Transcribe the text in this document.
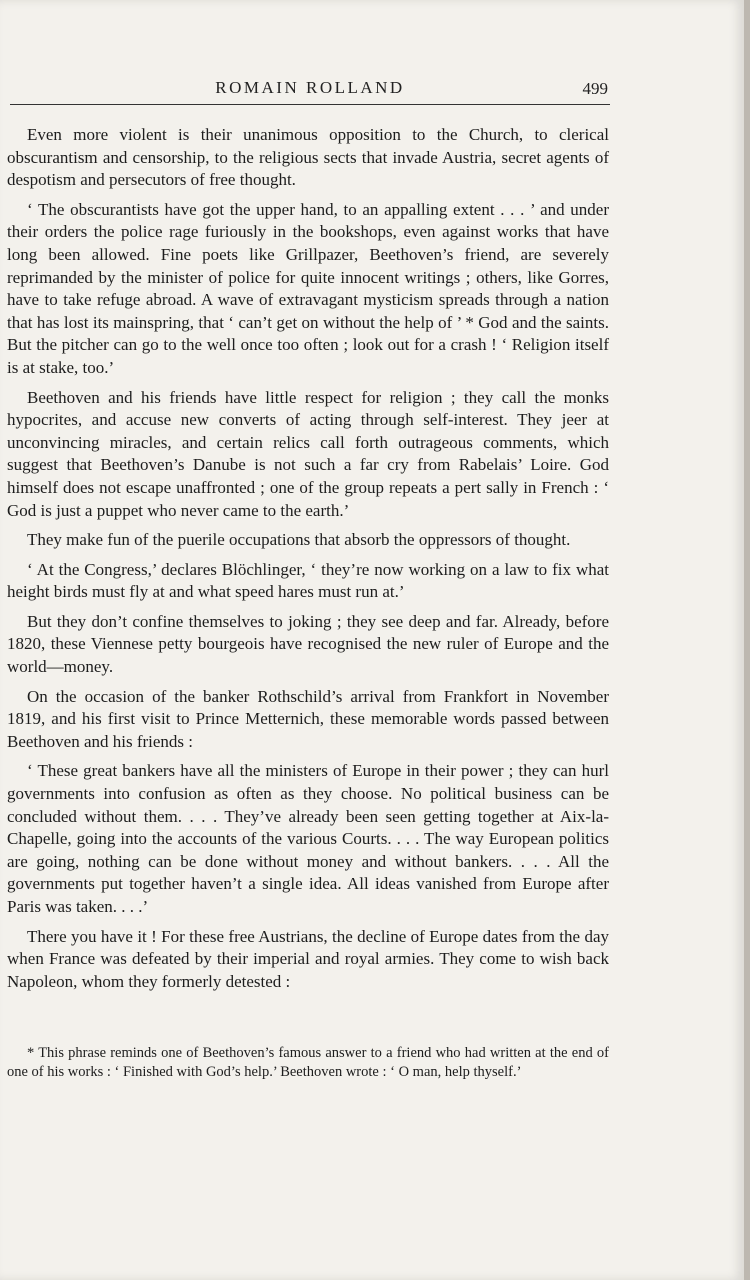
ROMAIN ROLLAND	499

Even more violent is their unanimous opposition to the Church, to clerical obscurantism and censorship, to the religious sects that invade Austria, secret agents of despotism and persecutors of free thought.

‘ The obscurantists have got the upper hand, to an appalling extent . . . ’ and under their orders the police rage furiously in the bookshops, even against works that have long been allowed. Fine poets like Grillpazer, Beethoven’s friend, are severely reprimanded by the minister of police for quite innocent writings ; others, like Gorres, have to take refuge abroad. A wave of extravagant mysticism spreads through a nation that has lost its mainspring, that ‘ can’t get on without the help of ’ * God and the saints. But the pitcher can go to the well once too often ; look out for a crash ! ‘ Religion itself is at stake, too.’

Beethoven and his friends have little respect for religion ; they call the monks hypocrites, and accuse new converts of acting through self-interest. They jeer at unconvincing miracles, and certain relics call forth outrageous comments, which suggest that Beethoven’s Danube is not such a far cry from Rabelais’ Loire. God himself does not escape unaffronted ; one of the group repeats a pert sally in French : ‘ God is just a puppet who never came to the earth.’

They make fun of the puerile occupations that absorb the oppressors of thought.

‘ At the Congress,’ declares Blöchlinger, ‘ they’re now working on a law to fix what height birds must fly at and what speed hares must run at.’

But they don’t confine themselves to joking ; they see deep and far. Already, before 1820, these Viennese petty bourgeois have recognised the new ruler of Europe and the world—money.

On the occasion of the banker Rothschild’s arrival from Frankfort in November 1819, and his first visit to Prince Metternich, these memorable words passed between Beethoven and his friends :

‘ These great bankers have all the ministers of Europe in their power ; they can hurl governments into confusion as often as they choose. No political business can be concluded without them. . . . They’ve already been seen getting together at Aix-la-Chapelle, going into the accounts of the various Courts. . . . The way European politics are going, nothing can be done without money and without bankers. . . . All the governments put together haven’t a single idea. All ideas vanished from Europe after Paris was taken. . . .’

There you have it ! For these free Austrians, the decline of Europe dates from the day when France was defeated by their imperial and royal armies. They come to wish back Napoleon, whom they formerly detested :

* This phrase reminds one of Beethoven’s famous answer to a friend who had written at the end of one of his works : ‘ Finished with God’s help.’ Beethoven wrote : ‘ O man, help thyself.’
